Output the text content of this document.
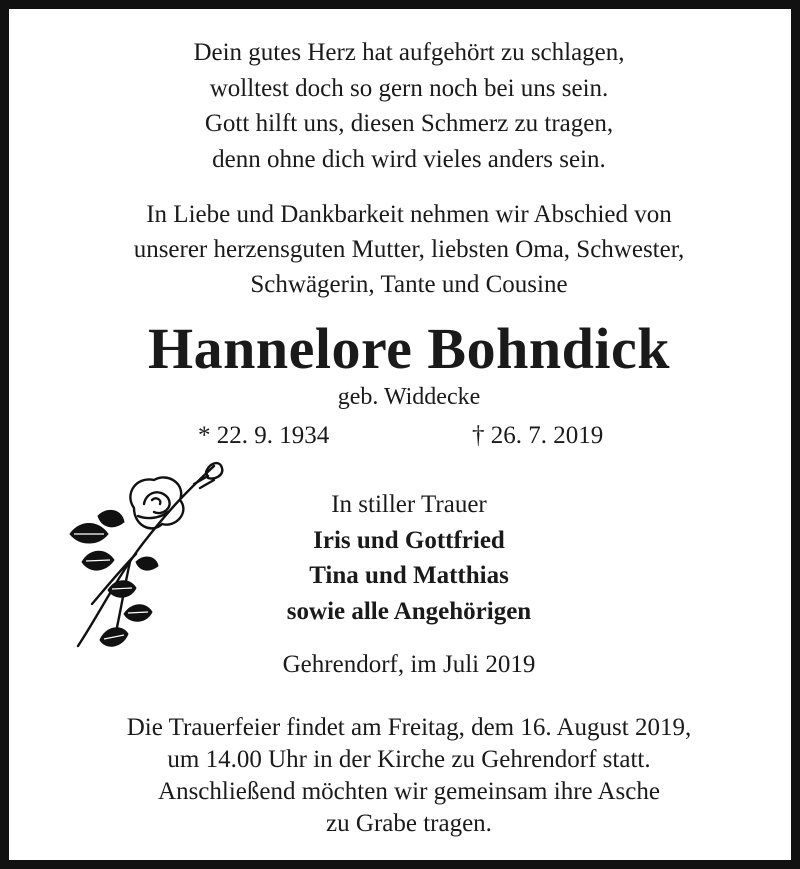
Dein gutes Herz hat aufgehört zu schlagen,
wolltest doch so gern noch bei uns sein.
Gott hilft uns, diesen Schmerz zu tragen,
denn ohne dich wird vieles anders sein.
In Liebe und Dankbarkeit nehmen wir Abschied von
unserer herzensguten Mutter, liebsten Oma, Schwester,
Schwägerin, Tante und Cousine
Hannelore Bohndick
geb. Widdecke
* 22. 9. 1934	† 26. 7. 2019
In stiller Trauer
Iris und Gottfried
Tina und Matthias
sowie alle Angehörigen
Gehrendorf, im Juli 2019
Die Trauerfeier findet am Freitag, dem 16. August 2019,
um 14.00 Uhr in der Kirche zu Gehrendorf statt.
Anschließend möchten wir gemeinsam ihre Asche
zu Grabe tragen.
